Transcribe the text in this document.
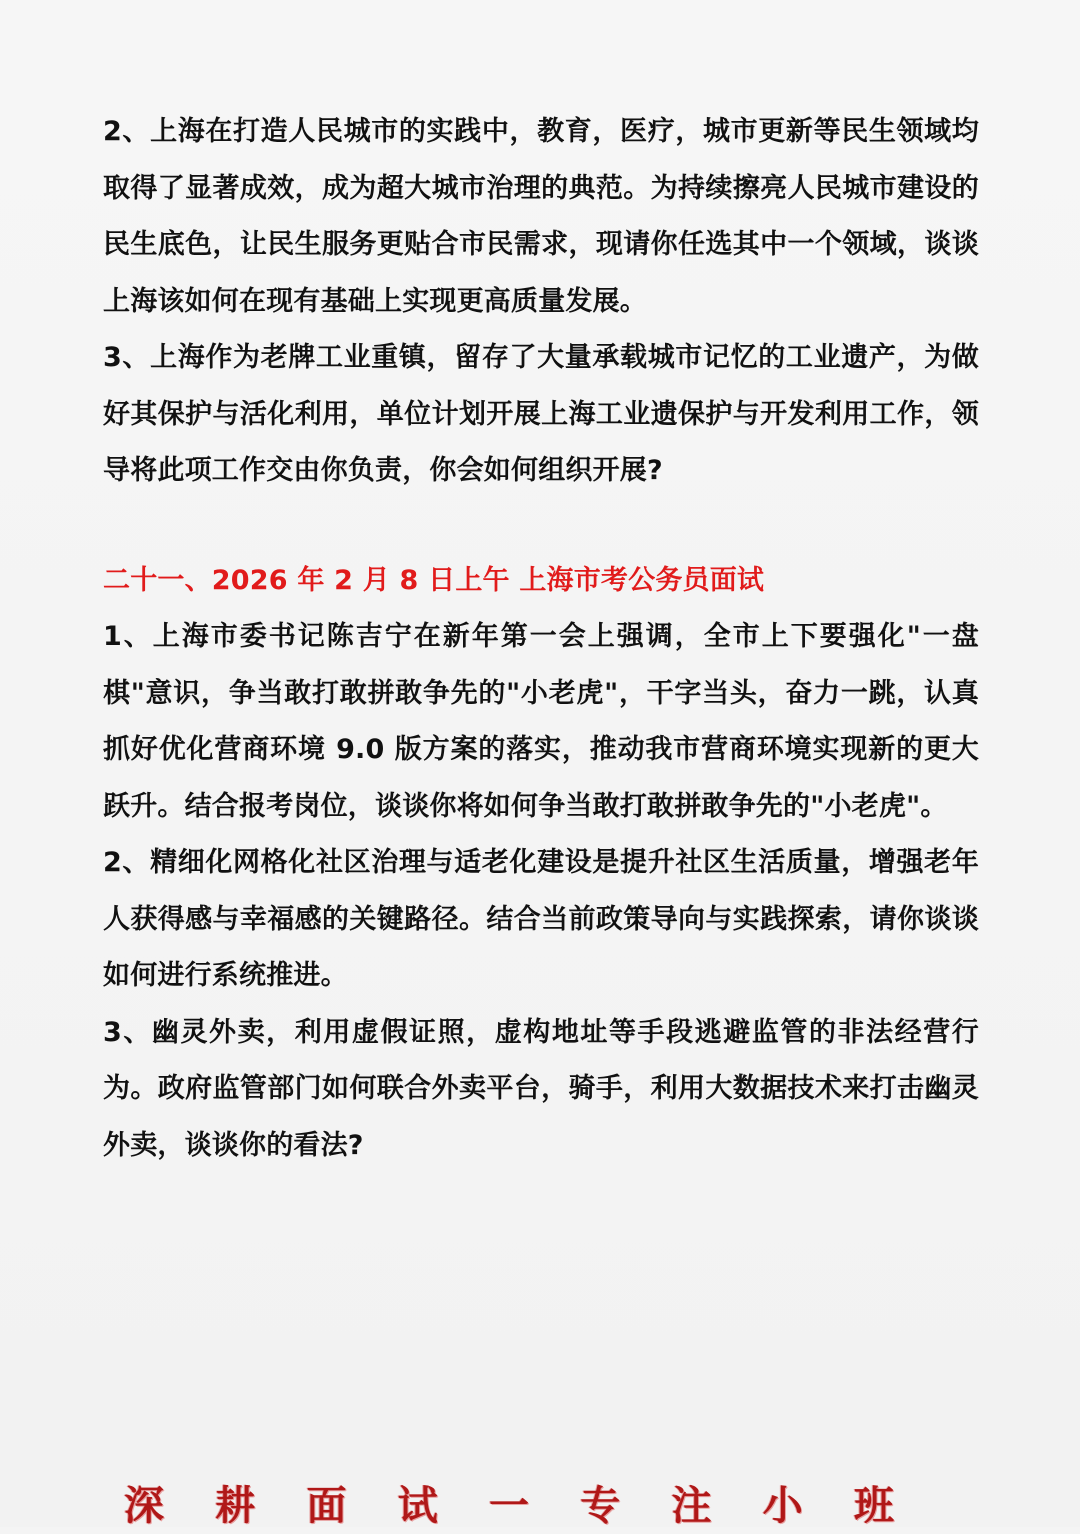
2、上海在打造人民城市的实践中，教育，医疗，城市更新等民生领域均取得了显著成效，成为超大城市治理的典范。为持续擦亮人民城市建设的民生底色，让民生服务更贴合市民需求，现请你任选其中一个领域，谈谈上海该如何在现有基础上实现更高质量发展。

3、上海作为老牌工业重镇，留存了大量承载城市记忆的工业遗产，为做好其保护与活化利用，单位计划开展上海工业遗保护与开发利用工作，领导将此项工作交由你负责，你会如何组织开展?

二十一、2026 年 2 月 8 日上午 上海市考公务员面试

1、上海市委书记陈吉宁在新年第一会上强调，全市上下要强化"一盘棋"意识，争当敢打敢拼敢争先的"小老虎"，干字当头，奋力一跳，认真抓好优化营商环境 9.0 版方案的落实，推动我市营商环境实现新的更大跃升。结合报考岗位，谈谈你将如何争当敢打敢拼敢争先的"小老虎"。

2、精细化网格化社区治理与适老化建设是提升社区生活质量，增强老年人获得感与幸福感的关键路径。结合当前政策导向与实践探索，请你谈谈如何进行系统推进。

3、幽灵外卖，利用虚假证照，虚构地址等手段逃避监管的非法经营行为。政府监管部门如何联合外卖平台，骑手，利用大数据技术来打击幽灵外卖，谈谈你的看法?

深 耕 面 试 一 专 注 小 班
